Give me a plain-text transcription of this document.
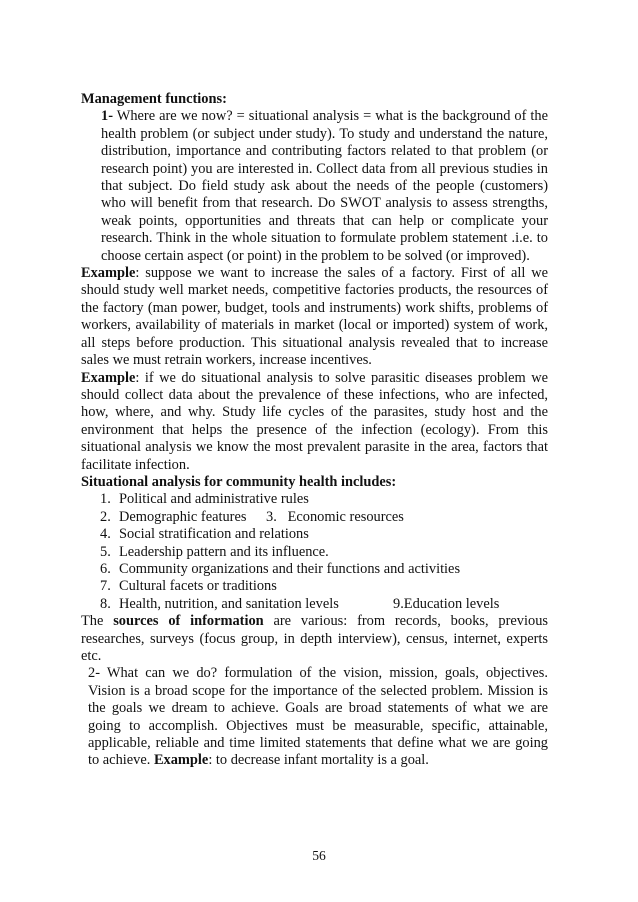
Management functions:
1- Where are we now? = situational analysis = what is the background of the health problem (or subject under study). To study and understand the nature, distribution, importance and contributing factors related to that problem (or research point) you are interested in. Collect data from all previous studies in that subject. Do field study ask about the needs of the people (customers) who will benefit from that research. Do SWOT analysis to assess strengths, weak points, opportunities and threats that can help or complicate your research. Think in the whole situation to formulate problem statement .i.e. to choose certain aspect (or point) in the problem to be solved (or improved).
Example: suppose we want to increase the sales of a factory. First of all we should study well market needs, competitive factories products, the resources of the factory (man power, budget, tools and instruments) work shifts, problems of workers, availability of materials in market (local or imported) system of work, all steps before production. This situational analysis revealed that to increase sales we must retrain workers, increase incentives.
Example: if we do situational analysis to solve parasitic diseases problem we should collect data about the prevalence of these infections, who are infected, how, where, and why. Study life cycles of the parasites, study host and the environment that helps the presence of the infection (ecology). From this situational analysis we know the most prevalent parasite in the area, factors that facilitate infection.
Situational analysis for community health includes:
1. Political and administrative rules
2. Demographic features	3. Economic resources
4. Social stratification and relations
5. Leadership pattern and its influence.
6. Community organizations and their functions and activities
7. Cultural facets or traditions
8. Health, nutrition, and sanitation levels	9.Education levels
The sources of information are various: from records, books, previous researches, surveys (focus group, in depth interview), census, internet, experts etc.
2- What can we do? formulation of the vision, mission, goals, objectives. Vision is a broad scope for the importance of the selected problem. Mission is the goals we dream to achieve. Goals are broad statements of what we are going to accomplish. Objectives must be measurable, specific, attainable, applicable, reliable and time limited statements that define what we are going to achieve. Example: to decrease infant mortality is a goal.
56
